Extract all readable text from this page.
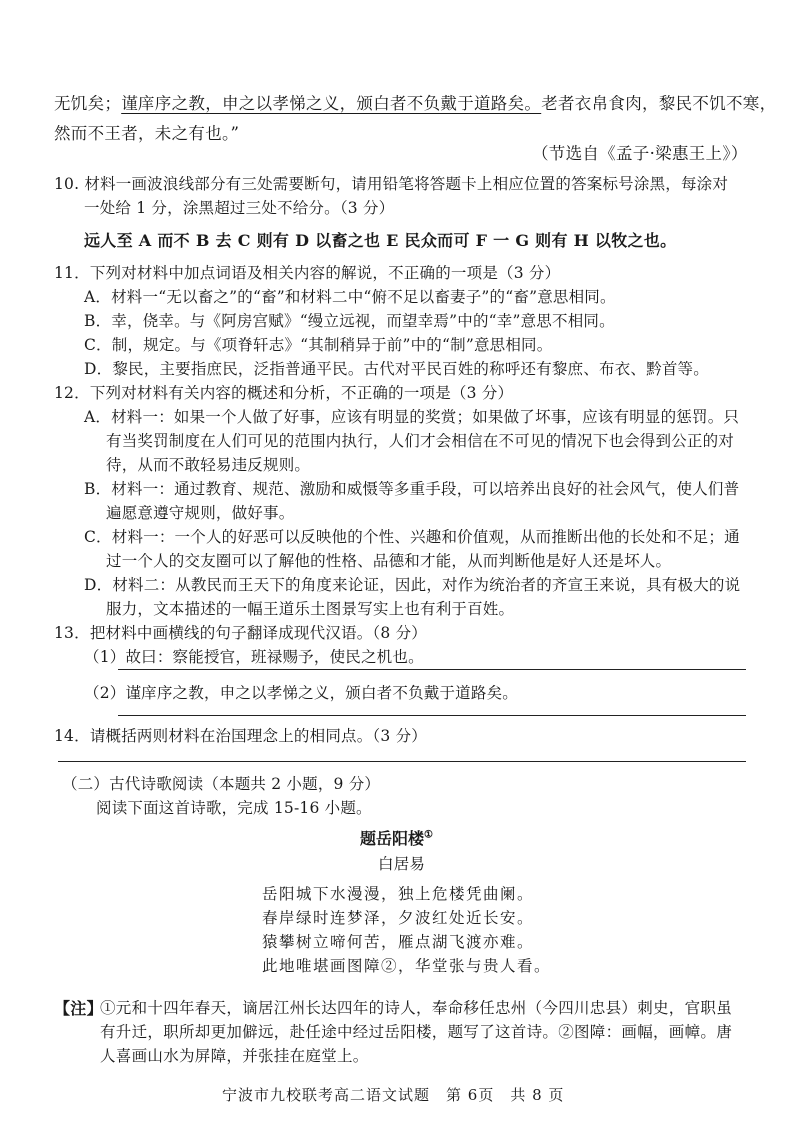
无饥矣；谨庠序之教，申之以孝悌之义，颁白者不负戴于道路矣。老者衣帛食肉，黎民不饥不寒，
然而不王者，未之有也。”
（节选自《孟子·梁惠王上》）
10. 材料一画波浪线部分有三处需要断句，请用铅笔将答题卡上相应位置的答案标号涂黑，每涂对
一处给 1 分，涂黑超过三处不给分。（3 分）
远人至 A 而不 B 去 C 则有 D 以畜之也 E 民众而可 F 一 G 则有 H 以牧之也。
11．下列对材料中加点词语及相关内容的解说，不正确的一项是（3 分）
A．材料一“无以畜之”的“畜”和材料二中“俯不足以畜妻子”的“畜”意思相同。
B．幸，侥幸。与《阿房宫赋》“缦立远视，而望幸焉”中的“幸”意思不相同。
C．制，规定。与《项脊轩志》“其制稍异于前”中的“制”意思相同。
D．黎民，主要指庶民，泛指普通平民。古代对平民百姓的称呼还有黎庶、布衣、黔首等。
12．下列对材料有关内容的概述和分析，不正确的一项是（3 分）
A．材料一：如果一个人做了好事，应该有明显的奖赏；如果做了坏事，应该有明显的惩罚。只
有当奖罚制度在人们可见的范围内执行，人们才会相信在不可见的情况下也会得到公正的对
待，从而不敢轻易违反规则。
B．材料一：通过教育、规范、激励和威慑等多重手段，可以培养出良好的社会风气，使人们普
遍愿意遵守规则，做好事。
C．材料一：一个人的好恶可以反映他的个性、兴趣和价值观，从而推断出他的长处和不足；通
过一个人的交友圈可以了解他的性格、品德和才能，从而判断他是好人还是坏人。
D．材料二：从教民而王天下的角度来论证，因此，对作为统治者的齐宣王来说，具有极大的说
服力，文本描述的一幅王道乐土图景写实上也有利于百姓。
13．把材料中画横线的句子翻译成现代汉语。（8 分）
（1）故曰：察能授官，班禄赐予，使民之机也。
（2）谨庠序之教，申之以孝悌之义，颁白者不负戴于道路矣。
14．请概括两则材料在治国理念上的相同点。（3 分）
（二）古代诗歌阅读（本题共 2 小题，9 分）
阅读下面这首诗歌，完成 15-16 小题。
题岳阳楼①
白居易
岳阳城下水漫漫，独上危楼凭曲阑。
春岸绿时连梦泽，夕波红处近长安。
猿攀树立啼何苦，雁点湖飞渡亦难。
此地唯堪画图障②，华堂张与贵人看。
【注】
①元和十四年春天，谪居江州长达四年的诗人，奉命移任忠州（今四川忠县）刺史，官职虽
有升迁，职所却更加僻远，赴任途中经过岳阳楼，题写了这首诗。②图障：画幅，画幛。唐
人喜画山水为屏障，并张挂在庭堂上。
宁波市九校联考高二语文试题　第 6页　共 8 页
